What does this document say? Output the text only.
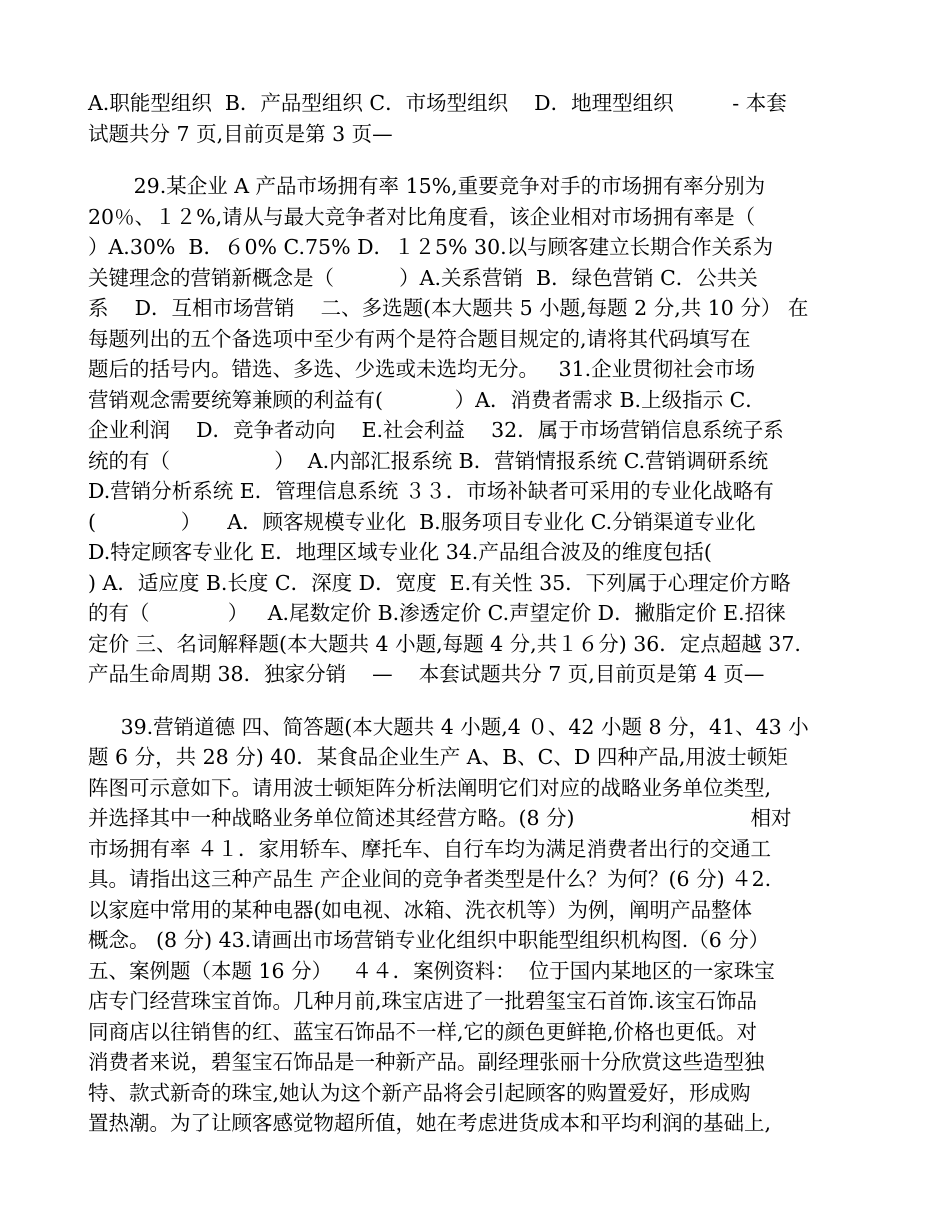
A.职能型组织  B．产品型组织 C．市场型组织    D．地理型组织         - 本套
试题共分 7 页,目前页是第 3 页—
29.某企业 A 产品市场拥有率 15%,重要竞争对手的市场拥有率分别为
20％、１２%,请从与最大竞争者对比角度看，该企业相对市场拥有率是（
）A.30%  B．６0% C.75% D．１２5% 30.以与顾客建立长期合作关系为
关键理念的营销新概念是（          ）A.关系营销  B．绿色营销 C．公共关
系    D．互相市场营销    二、多选题(本大题共 5 小题,每题 2 分,共 10 分） 在
每题列出的五个备选项中至少有两个是符合题目规定的,请将其代码填写在
题后的括号内。错选、多选、少选或未选均无分。   31.企业贯彻社会市场
营销观念需要统筹兼顾的利益有(           ）A．消费者需求 B.上级指示 C．
企业利润    D．竞争者动向    E.社会利益    32．属于市场营销信息系统子系
统的有（                ）  A.内部汇报系统 B．营销情报系统 C.营销调研系统
D.营销分析系统 E．管理信息系统 ３３．市场补缺者可采用的专业化战略有
(             ）    A．顾客规模专业化  B.服务项目专业化 C.分销渠道专业化
D.特定顾客专业化 E．地理区域专业化 34.产品组合波及的维度包括(
) A．适应度 B.长度 C．深度 D．宽度  E.有关性 35．下列属于心理定价方略
的有（            ）   A.尾数定价 B.渗透定价 C.声望定价 D．撇脂定价 E.招徕
定价 三、名词解释题(本大题共 4 小题,每题 4 分,共１６分) 36．定点超越 37.
产品生命周期 38．独家分销    —    本套试题共分 7 页,目前页是第 4 页—
39.营销道德 四、简答题(本大题共 4 小题,4 ０、42 小题 8 分，41、43 小
题 6 分，共 28 分) 40．某食品企业生产 A、B、C、D 四种产品,用波士顿矩
阵图可示意如下。请用波士顿矩阵分析法阐明它们对应的战略业务单位类型,
并选择其中一种战略业务单位简述其经营方略。(8 分)                           相对
市场拥有率 ４１．家用轿车、摩托车、自行车均为满足消费者出行的交通工
具。请指出这三种产品生 产企业间的竞争者类型是什么？为何？(6 分) ４2.
以家庭中常用的某种电器(如电视、冰箱、洗衣机等）为例，阐明产品整体
概念。 (8 分) 43.请画出市场营销专业化组织中职能型组织机构图.（6 分）
五、案例题（本题 16 分）   ４４．案例资料：  位于国内某地区的一家珠宝
店专门经营珠宝首饰。几种月前,珠宝店进了一批碧玺宝石首饰.该宝石饰品
同商店以往销售的红、蓝宝石饰品不一样,它的颜色更鲜艳,价格也更低。对
消费者来说，碧玺宝石饰品是一种新产品。副经理张丽十分欣赏这些造型独
特、款式新奇的珠宝,她认为这个新产品将会引起顾客的购置爱好，形成购
置热潮。为了让顾客感觉物超所值，她在考虑进货成本和平均利润的基础上,
